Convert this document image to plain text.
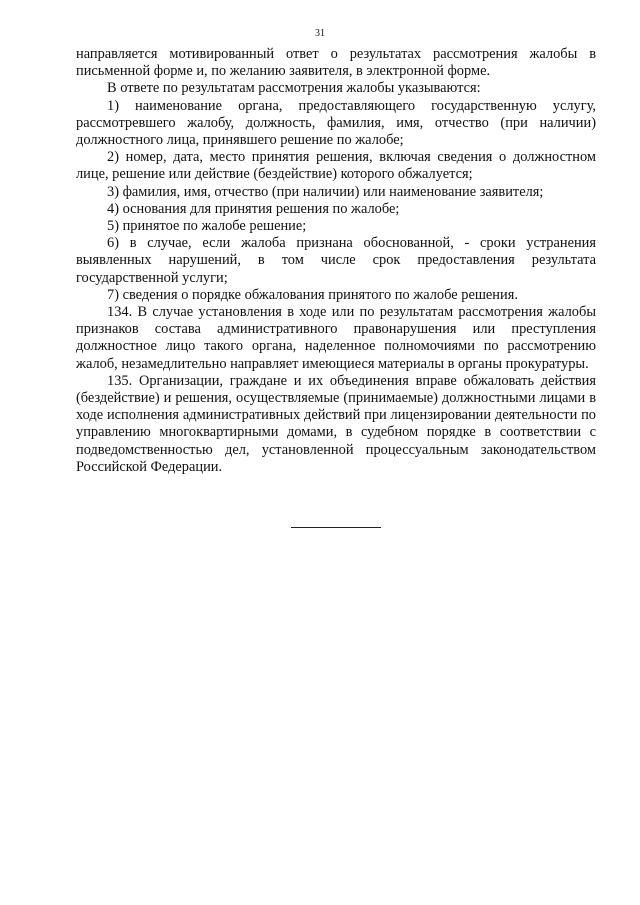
31

направляется мотивированный ответ о результатах рассмотрения жалобы в письменной форме и, по желанию заявителя, в электронной форме.

В ответе по результатам рассмотрения жалобы указываются:

1) наименование органа, предоставляющего государственную услугу, рассмотревшего жалобу, должность, фамилия, имя, отчество (при наличии) должностного лица, принявшего решение по жалобе;

2) номер, дата, место принятия решения, включая сведения о должностном лице, решение или действие (бездействие) которого обжалуется;

3) фамилия, имя, отчество (при наличии) или наименование заявителя;

4) основания для принятия решения по жалобе;

5) принятое по жалобе решение;

6) в случае, если жалоба признана обоснованной, - сроки устранения выявленных нарушений, в том числе срок предоставления результата государственной услуги;

7) сведения о порядке обжалования принятого по жалобе решения.

134. В случае установления в ходе или по результатам рассмотрения жалобы признаков состава административного правонарушения или преступления должностное лицо такого органа, наделенное полномочиями по рассмотрению жалоб, незамедлительно направляет имеющиеся материалы в органы прокуратуры.

135. Организации, граждане и их объединения вправе обжаловать действия (бездействие) и решения, осуществляемые (принимаемые) должностными лицами в ходе исполнения административных действий при лицензировании деятельности по управлению многоквартирными домами, в судебном порядке в соответствии с подведомственностью дел, установленной процессуальным законодательством Российской Федерации.
